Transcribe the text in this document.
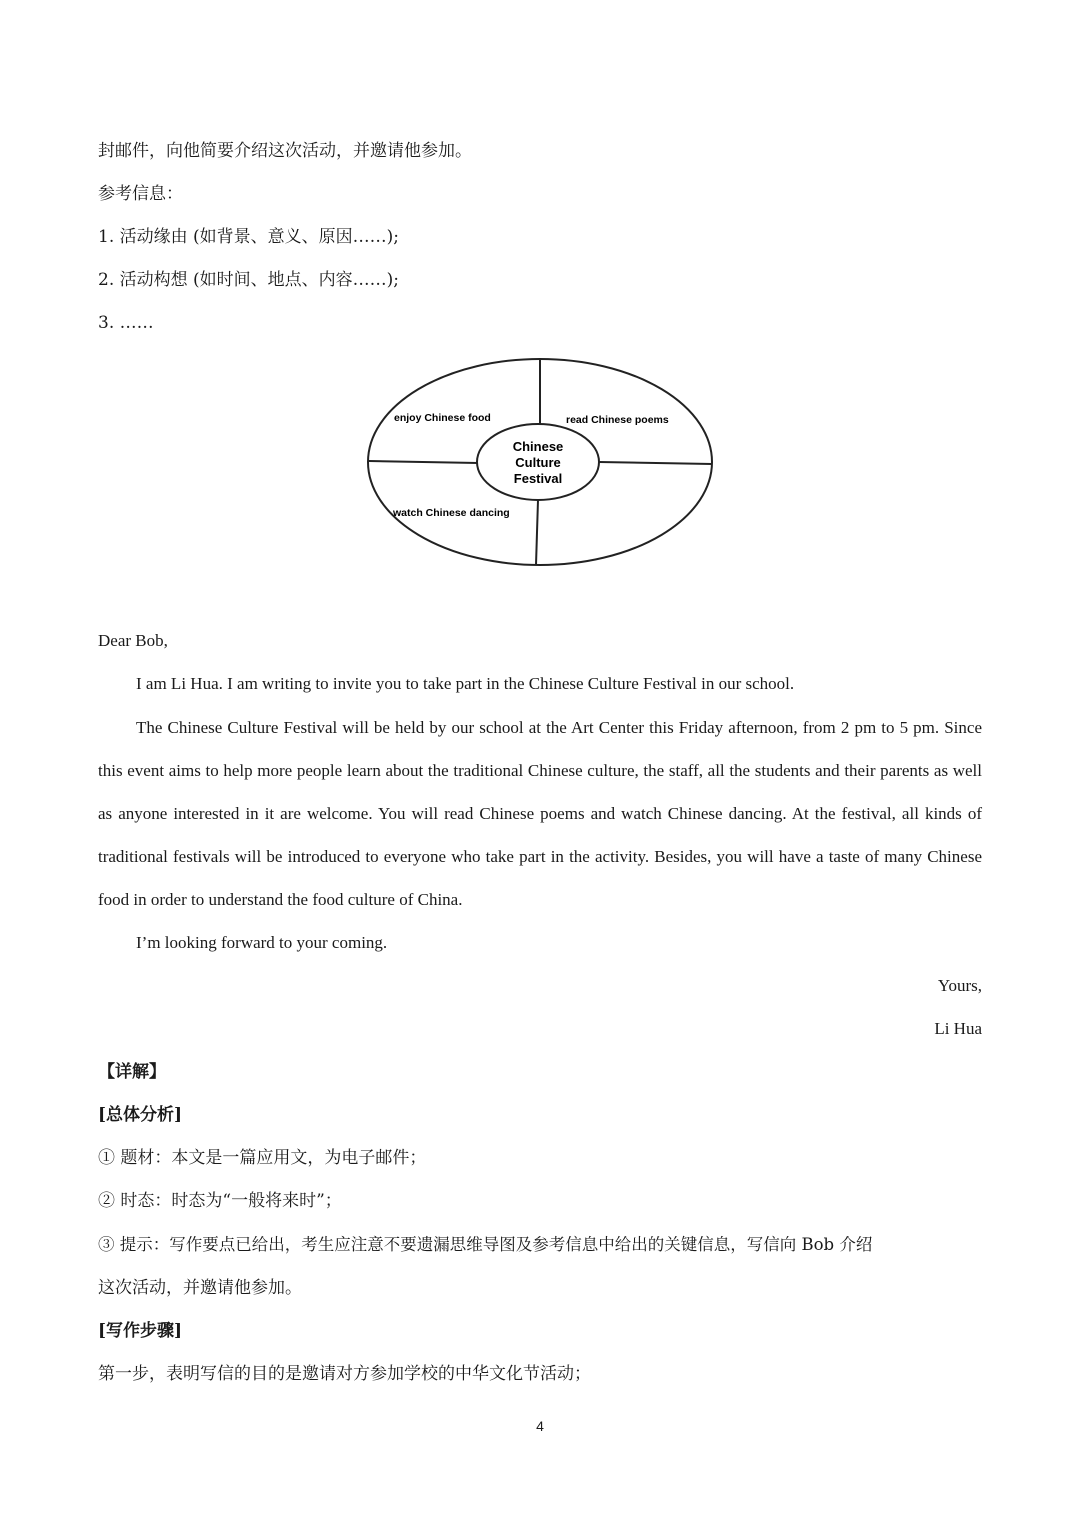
封邮件，向他简要介绍这次活动，并邀请他参加。
参考信息：
1. 活动缘由 (如背景、意义、原因……);
2. 活动构想 (如时间、地点、内容……);
3. ……
Chinese
Culture
Festival
enjoy Chinese food	read Chinese poems
watch Chinese dancing
Dear Bob,
I am Li Hua. I am writing to invite you to take part in the Chinese Culture Festival in our school.
The Chinese Culture Festival will be held by our school at the Art Center this Friday afternoon, from 2 pm to 5 pm. Since this event aims to help more people learn about the traditional Chinese culture, the staff, all the students and their parents as well as anyone interested in it are welcome. You will read Chinese poems and watch Chinese dancing. At the festival, all kinds of traditional festivals will be introduced to everyone who take part in the activity. Besides, you will have a taste of many Chinese food in order to understand the food culture of China.
I’m looking forward to your coming.
Yours,
Li Hua
【详解】
[总体分析]
① 题材：本文是一篇应用文，为电子邮件；
② 时态：时态为“一般将来时”；
③ 提示：写作要点已给出，考生应注意不要遗漏思维导图及参考信息中给出的关键信息，写信向 Bob 介绍
这次活动，并邀请他参加。
[写作步骤]
第一步，表明写信的目的是邀请对方参加学校的中华文化节活动；
4
